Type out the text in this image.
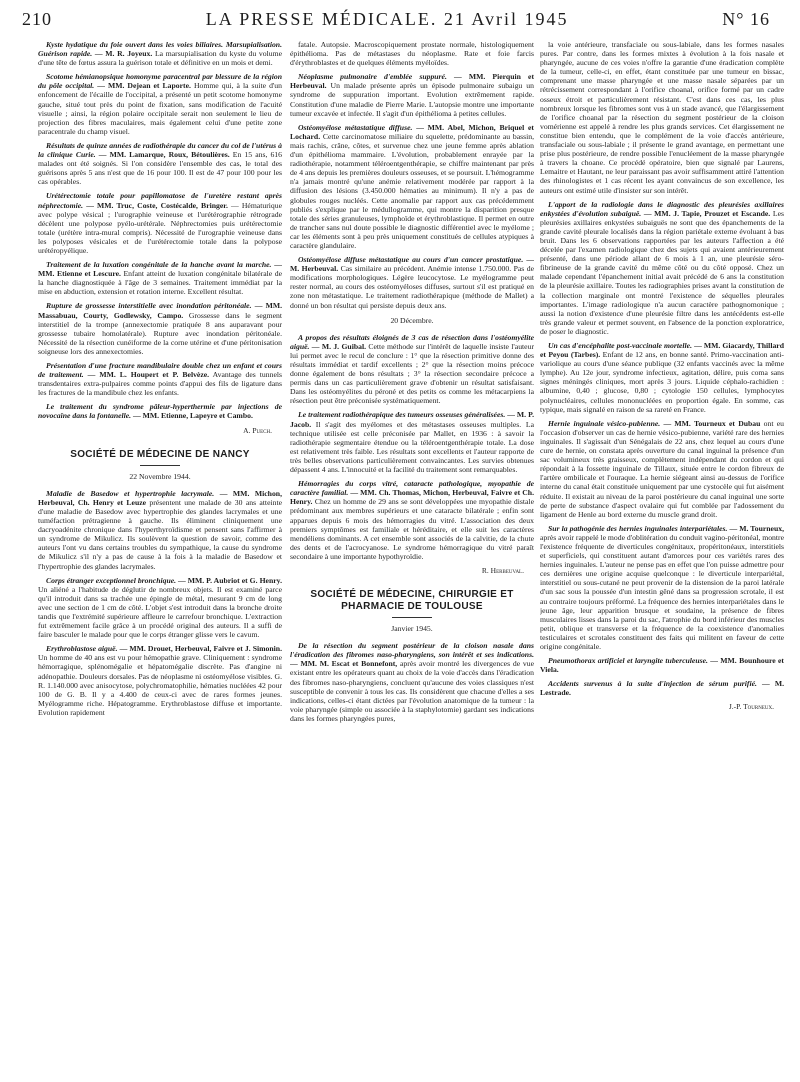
210	LA PRESSE MÉDICALE. 21 Avril 1945	N° 16

Kyste hydatique du foie ouvert dans les voies biliaires. Marsupialisation. Guérison rapide. — M. R. Joyeux. La marsupialisation du kyste du volume d'une tête de fœtus assura la guérison totale et définitive en un mois et demi.

Scotome hémianopsique homonyme paracentral par blessure de la région du pôle occipital. — MM. Dejean et Laporte. Homme qui, à la suite d'un enfoncement de l'écaille de l'occipital, a présenté un petit scotome homonyme gauche, situé tout près du point de fixation, sans modification de l'acuité visuelle ; ainsi, la région polaire occipitale serait non seulement le lieu de projection des fibres maculaires, mais également celui d'une petite zone paracentrale du champ visuel.

Résultats de quinze années de radiothérapie du cancer du col de l'utérus à la clinique Curie. — MM. Lamarque, Roux, Bétoulières. En 15 ans, 616 malades ont été soignés. Si l'on considère l'ensemble des cas, le total des guérisons après 5 ans n'est que de 16 pour 100. Il est de 47 pour 100 pour les cas opérables.

Urétérectomie totale pour papillomatose de l'uretère restant après néphrectomie. — MM. Truc, Coste, Costécalde, Bringer. — Hématurique avec polype vésical ; l'urographie veineuse et l'urétérographie rétrograde décèlent une polypose pyélo-urétérale. Néphrectomies puis urétérectomie totale (urétère intra-mural compris). Nécessité de l'urographie veineuse dans les polyposes vésicales et de l'urétérectomie totale dans la polypose urétéropyélique.

Traitement de la luxation congénitale de la hanche avant la marche. — MM. Etienne et Lescure. Enfant atteint de luxation congénitale bilatérale de la hanche diagnostiquée à l'âge de 3 semaines. Traitement immédiat par la mise en abduction, extension et rotation interne. Excellent résultat.

Rupture de grossesse interstitielle avec inondation péritonéale. — MM. Massabuau, Courty, Godlewsky, Campo. Grossesse dans le segment interstitiel de la trompe (annexectomie pratiquée 8 ans auparavant pour grossesse tubaire homolatérale). Rupture avec inondation péritonéale. Nécessité de la résection cunéiforme de la corne utérine et d'une péritonisation soigneuse lors des annexectomies.

Présentation d'une fracture mandibulaire double chez un enfant et cours de traitement. — MM. L. Houpert et P. Belvèze. Avantage des tunnels transdentaires extra-pulpaires comme points d'appui des fils de ligature dans les fractures de la mandibule chez les enfants.

Le traitement du syndrome pâleur-hyperthermie par injections de novocaïne dans la fontanelle. — MM. Etienne, Lapeyre et Cambo.

A. Puech.
SOCIÉTÉ DE MÉDECINE DE NANCY
22 Novembre 1944.

Maladie de Basedow et hypertrophie lacrymale. — MM. Michon, Herbeuval, Ch. Henry et Leuze présentent une malade de 30 ans atteinte d'une maladie de Basedow avec hypertrophie des glandes lacrymales et une tuméfaction prétragienne à gauche. Ils éliminent cliniquement une dacryoadénite chronique dans l'hyperthyroïdisme et pensent sans l'affirmer à un syndrome de Mikulicz. Ils soulèvent la question de savoir, comme des auteurs l'ont vu dans certains troubles du sympathique, la cause du syndrome de Mikulicz s'il n'y a pas de cause à la fois à la maladie de Basedow et l'hypertrophie des glandes lacrymales.

Corps étranger exceptionnel bronchique. — MM. P. Aubriot et G. Henry. Un aliéné a l'habitude de déglutir de nombreux objets. Il est examiné parce qu'il introduit dans sa trachée une épingle de métal, mesurant 9 cm de long avec une section de 1 cm de côté. L'objet s'est introduit dans la bronche droite tandis que l'extrémité supérieure affleure le carrefour bronchique. L'extraction fut extrêmement facile grâce à un procédé original des auteurs. Il a suffi de faire basculer le malade pour que le corps étranger glisse vers le cavum.

Erythroblastose aiguë. — MM. Drouet, Herbeuval, Faivre et J. Simonin. Un homme de 40 ans est vu pour hémopathie grave. Cliniquement : syndrome hémorragique, splénomégalie et hépatomégalie discrète. Pas d'angine ni adénopathie. Douleurs dorsales. Pas de néoplasme ni ostéomyélose visibles. G. R. 1.140.000 avec anisocytose, polychromatophilie, hématies nucléées 42 pour 100 de G. B. Il y a 4.400 de ceux-ci avec de rares formes jeunes. Myélogramme riche. Hépatogramme. Erythroblastose diffuse et importante. Evolution rapidement

fatale. Autopsie. Macroscopiquement prostate normale, histologiquement épithélioma. Pas de métastases du néoplasme. Rate et foie farcis d'érythroblastes et de quelques éléments myéloïdes.

Néoplasme pulmonaire d'emblée suppuré. — MM. Pierquin et Herbeuval. Un malade présente après un épisode pulmonaire subaigu un syndrome de suppuration important. Evolution extrêmement rapide. Constitution d'une maladie de Pierre Marie. L'autopsie montre une importante tumeur excavée et infectée. Il s'agit d'un épithélioma à petites cellules.

Ostéomyélose métastatique diffuse. — MM. Abel, Michon, Briquel et Lochard. Cette carcinomatose miliaire du squelette, prédominante au bassin, mais rachis, crâne, côtes, et survenue chez une jeune femme après ablation d'un épithélioma mammaire. L'évolution, probablement enrayée par la radiothérapie, notamment téléroentgenthérapie, se chiffre maintenant par près de 4 ans depuis les premières douleurs osseuses, et se poursuit. L'hémogramme n'a jamais montré qu'une anémie relativement modérée par rapport à la diffusion des lésions (3.450.000 hématies au minimum). Il n'y a pas de globules rouges nucléés. Cette anomalie par rapport aux cas précédemment publiés s'explique par le médullogramme, qui montre la disparition presque totale des séries granuleuses, lymphoïde et érythroblastique. Il permet en outre de trancher sans nul doute possible le diagnostic différentiel avec le myélome ; car les éléments sont à peu près uniquement constitués de cellules atypiques à caractère glandulaire.

Ostéomyélose diffuse métastatique au cours d'un cancer prostatique. — M. Herbeuval. Cas similaire au précédent. Anémie intense 1.750.000. Pas de modifications morphologiques. Légère leucocytose. Le myélogramme peut rester normal, au cours des ostéomyéloses diffuses, surtout s'il est pratiqué en zone non métastatique. Le traitement radiothérapique (méthode de Mallet) a donné un bon résultat qui persiste depuis deux ans.

20 Décembre.

A propos des résultats éloignés de 3 cas de résection dans l'ostéomyélite aiguë. — M. J. Guibal. Cette méthode sur l'intérêt de laquelle insiste l'auteur lui permet avec le recul de conclure : 1° que la résection primitive donne des résultats immédiat et tardif excellents ; 2° que la résection moins précoce donne également de bons résultats ; 3° la résection secondaire précoce a permis dans un cas particulièrement grave d'obtenir un résultat satisfaisant. Dans les ostéomyélites du péroné et des petits os comme les métacarpiens la résection peut être préconisée systématiquement.

Le traitement radiothérapique des tumeurs osseuses généralisées. — M. P. Jacob. Il s'agit des myélomes et des métastases osseuses multiples. La technique utilisée est celle préconisée par Mallet, en 1936 : à savoir la radiothérapie segmentaire étendue ou la téléroentgenthérapie totale. La dose est relativement très faible. Les résultats sont excellents et l'auteur rapporte de très belles observations particulièrement convaincantes. Les survies obtenues dépassent 4 ans. L'innocuité et la facilité du traitement sont remarquables.

Hémorragies du corps vitré, cataracte pathologique, myopathie de caractère familial. — MM. Ch. Thomas, Michon, Herbeuval, Faivre et Ch. Henry. Chez un homme de 29 ans se sont développées une myopathie distale prédominant aux membres supérieurs et une cataracte bilatérale ; enfin sont apparues depuis 6 mois des hémorragies du vitré. L'association des deux premiers symptômes est familiale et héréditaire, et elle suit les caractères mendéliens dominants. A cet ensemble sont associés de la calvitie, de la chute des dents et de l'acrocyanose. Le syndrome hémorragique du vitré paraît secondaire à une importante hypothyroïdie.

R. Herbeuval.
SOCIÉTÉ DE MÉDECINE, CHIRURGIE ET PHARMACIE DE TOULOUSE
Janvier 1945.

De la résection du segment postérieur de la cloison nasale dans l'éradication des fibromes naso-pharyngiens, son intérêt et ses indications. — MM. M. Escat et Bonnefont, après avoir montré les divergences de vue existant entre les opérateurs quant au choix de la voie d'accès dans l'éradication des fibromes naso-pharyngiens, concluent qu'aucune des voies classiques n'est susceptible de convenir à tous les cas. Ils considèrent que chacune d'elles a ses indications, celles-ci étant dictées par l'évolution anatomique de la tumeur : la voie pharyngée (simple ou associée à la staphylotomie) gardant ses indications dans les formes pharyngées pures,

la voie antérieure, transfaciale ou sous-labiale, dans les formes nasales pures. Par contre, dans les formes mixtes à évolution à la fois nasale et pharyngée, aucune de ces voies n'offre la garantie d'une éradication complète de la tumeur, celle-ci, en effet, étant constituée par une tumeur en bissac, comprenant une masse pharyngée et une masse nasale séparées par un rétrécissement correspondant à l'orifice choanal, orifice formé par un cadre osseux étroit et particulièrement résistant. C'est dans ces cas, les plus nombreux lorsque les fibromes sont vus à un stade avancé, que l'élargissement de l'orifice choanal par la résection du segment postérieur de la cloison vomérienne est appelé à rendre les plus grands services. Cet élargissement ne constitue bien entendu, que le complément de la voie d'accès antérieure, transfaciale ou sous-labiale ; il présente le grand avantage, en permettant une prise plus postérieure, de rendre possible l'enucléement de la masse pharyngée à travers la choane. Ce procédé opératoire, bien que signalé par Laurens, Lemaitre et Hautant, ne leur paraissant pas avoir suffisamment attiré l'attention des rhinologistes et 1 cas récent les ayant convaincus de son excellence, les auteurs ont estimé utile d'insister sur son intérêt.

L'apport de la radiologie dans le diagnostic des pleurésies axillaires enkystées d'évolution subaiguë. — MM. J. Tapie, Prouzet et Escande. Les pleurésies axillaires enkystées subaiguës ne sont que des épanchements de la grande cavité pleurale localisés dans la région pariétale externe évoluant à bas bruit. Dans les 6 observations rapportées par les auteurs l'affection a été décelée par l'examen radiologique chez des sujets qui avaient antérieurement présenté, dans une période allant de 6 mois à 1 an, une pleurésie séro-fibrineuse de la grande cavité du même côté ou du côté opposé. Chez un malade cependant l'épanchement initial avait précédé de 6 ans la constitution de la pleurésie axillaire. Toutes les radiographies prises avant la constitution de la collection marginale ont montré l'existence de séquelles pleurales importantes. L'image radiologique n'a aucun caractère pathognomonique ; aussi la notion d'existence d'une pleurésie filtre dans les antécédents est-elle très grande valeur et permet souvent, en l'absence de la ponction exploratrice, de poser le diagnostic.

Un cas d'encéphalite post-vaccinale mortelle. — MM. Giacardy, Thillard et Peyou (Tarbes). Enfant de 12 ans, en bonne santé. Primo-vaccination anti-variolique au cours d'une séance publique (32 enfants vaccinés avec la même lymphe). Au 12e jour, syndrome infectieux, agitation, délire, puis coma sans signes méningés cliniques, mort après 3 jours. Liquide céphalo-rachidien : albumine, 0,40 ; glucose, 0,80 ; cytologie 150 cellules, lymphocytes polynucléaires, cellules mononucléées en proportion égale. En somme, cas typique, mais signalé en raison de sa rareté en France.

Hernie inguinale vésico-pubienne. — MM. Tourneux et Dubau ont eu l'occasion d'observer un cas de hernie vésico-pubienne, variété rare des hernies inguinales. Il s'agissait d'un Sénégalais de 22 ans, chez lequel au cours d'une cure de hernie, on constata après ouverture du canal inguinal la présence d'un sac volumineux très graisseux, complètement indépendant du cordon et qui répondait à la fossette inguinale de Tillaux, située entre le cordon fibreux de l'artère ombilicale et l'ouraque. La hernie siégeant ainsi au-dessus de l'orifice interne du canal était constituée uniquement par une cystocèle qui fut aisément réduite. Il existait au niveau de la paroi postérieure du canal inguinal une sorte de perte de substance d'aspect ovalaire qui fut comblée par l'adossement du ligament de Henle au bord externe du muscle grand droit.

Sur la pathogénie des hernies inguinales interpariétales. — M. Tourneux, après avoir rappelé le mode d'oblitération du conduit vagino-péritonéal, montre l'existence fréquente de diverticules congénitaux, propéritonéaux, interstitiels et superficiels, qui constituent autant d'amorces pour ces variétés rares des hernies inguinales. L'auteur ne pense pas en effet que l'on puisse admettre pour ces dernières une origine acquise quelconque : le diverticule interpariétal, interstitiel ou sous-cutané ne peut provenir de la distension de la paroi latérale d'un sac sous la poussée d'un intestin gêné dans sa progression scrotale, il est au contraire toujours préformé. La fréquence des hernies interpariétales dans le jeune âge, leur apparition brusque et soudaine, la présence de fibres musculaires lisses dans la paroi du sac, l'atrophie du bord inférieur des muscles petit, oblique et transverse et la fréquence de la coexistence d'anomalies testiculaires et scrotales constituent des faits qui militent en faveur de cette origine congénitale.

Pneumothorax artificiel et laryngite tuberculeuse. — MM. Bounhoure et Viela.

Accidents survenus à la suite d'injection de sérum purifié. — M. Lestrade.

J.-P. Tourneux.
